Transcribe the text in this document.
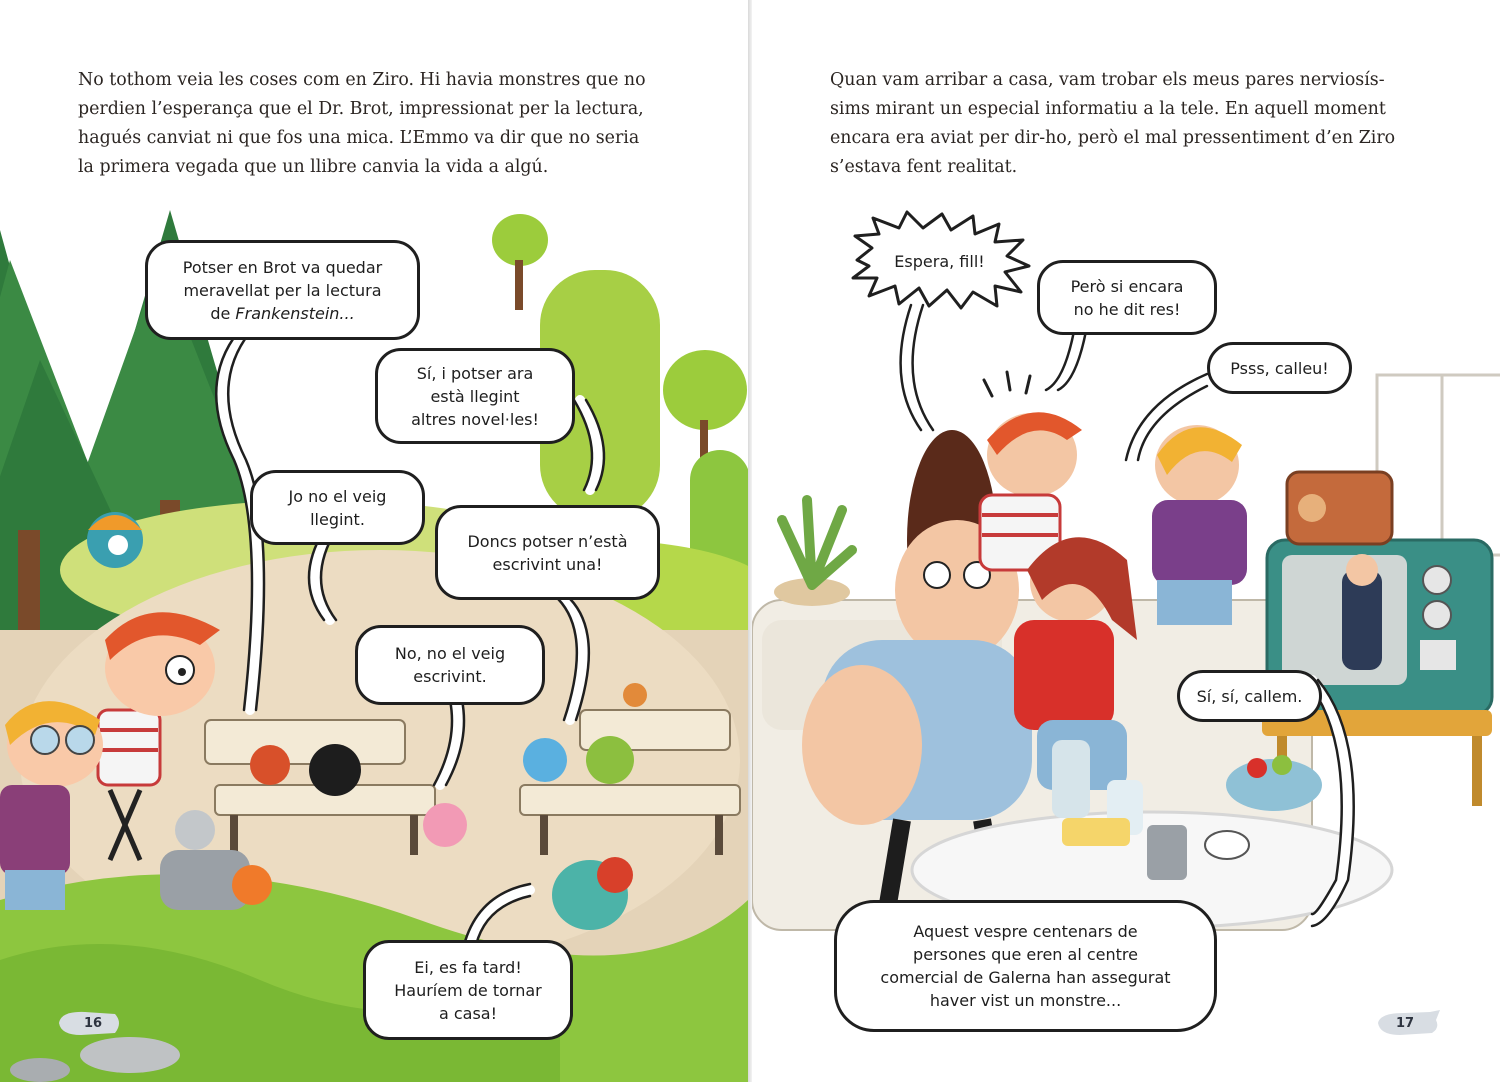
No tothom veia les coses com en Ziro. Hi havia monstres que no
perdien l’esperança que el Dr. Brot, impressionat per la lectura,
hagués canviat ni que fos una mica. L’Emmo va dir que no seria
la primera vegada que un llibre canvia la vida a algú.

Potser en Brot va quedar
meravellat per la lectura
de Frankenstein...
Sí, i potser ara
està llegint
altres novel·les!
Jo no el veig
llegint.
Doncs potser n’està
escrivint una!
No, no el veig
escrivint.
Ei, es fa tard!
Hauríem de tornar
a casa!
16

Quan vam arribar a casa, vam trobar els meus pares nerviosís-
sims mirant un especial informatiu a la tele. En aquell moment
encara era aviat per dir-ho, però el mal pressentiment d’en Ziro
s’estava fent realitat.

Espera, fill!
Però si encara
no he dit res!
Psss, calleu!
Sí, sí, callem.
Aquest vespre centenars de
persones que eren al centre
comercial de Galerna han assegurat
haver vist un monstre...
17
